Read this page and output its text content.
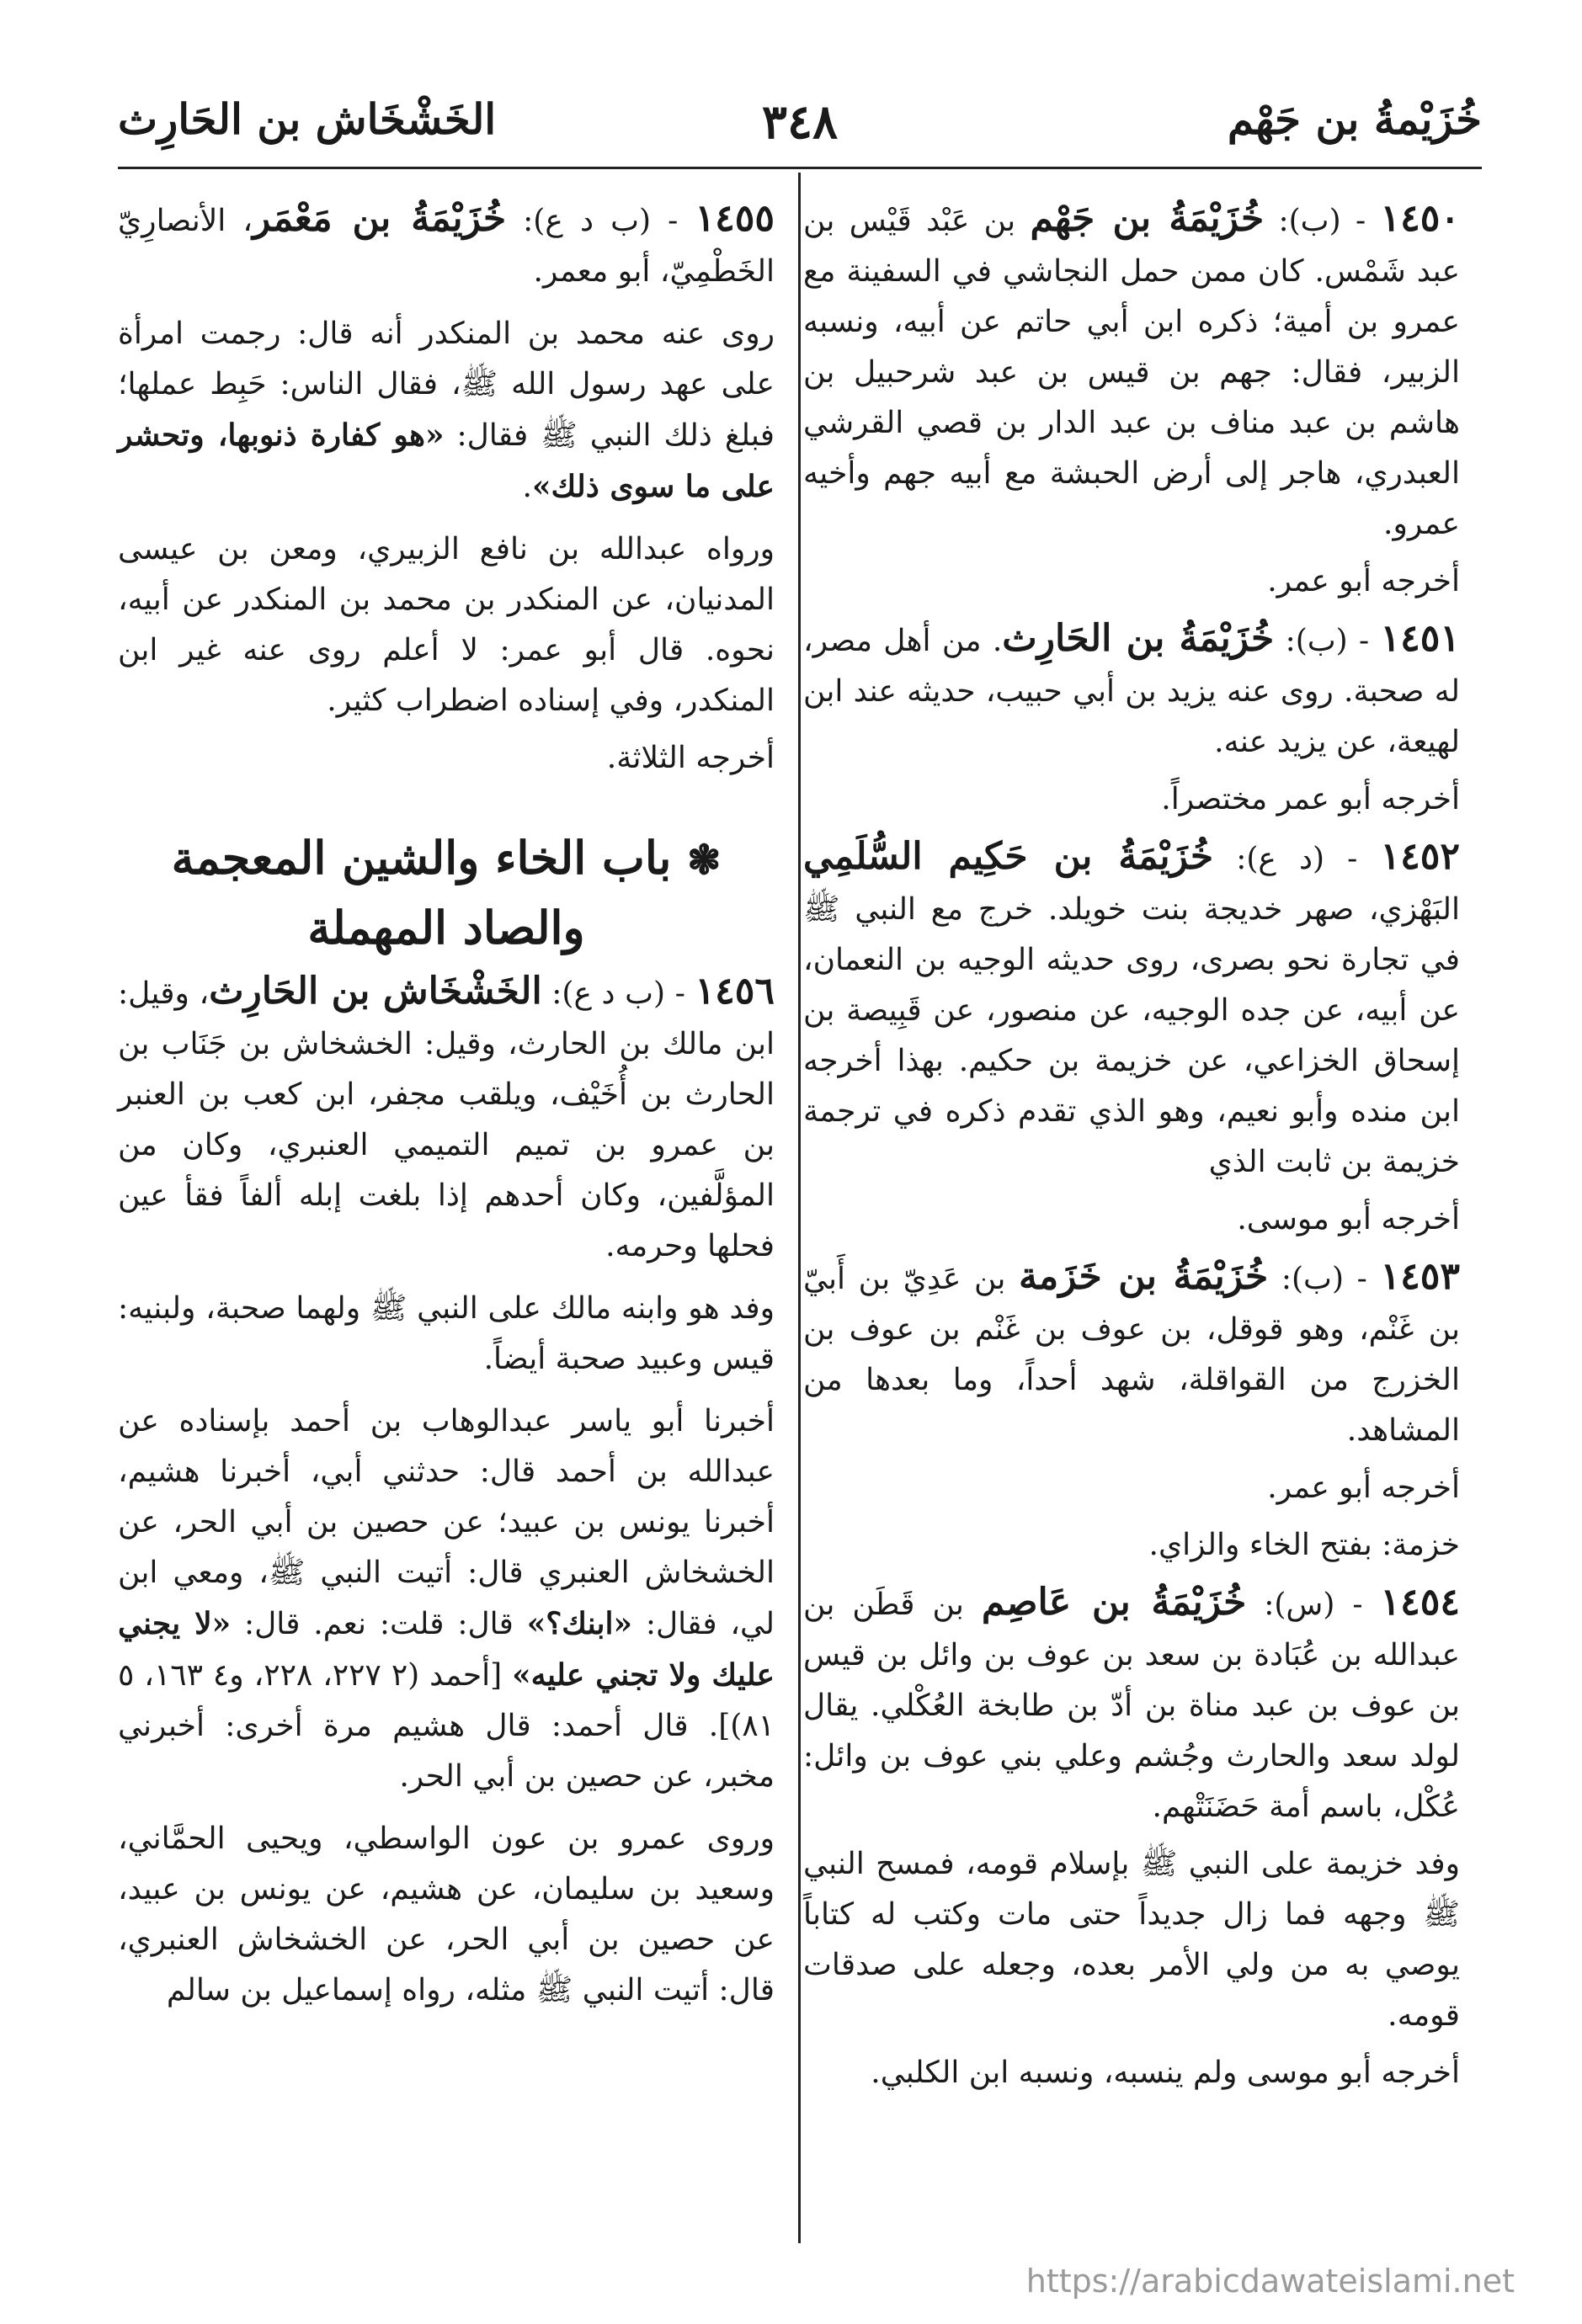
خُزَيْمةُ بن جَهْم
٣٤٨
الخَشْخَاش بن الحَارِث

١٤٥٠ - (ب): خُزَيْمَةُ بن جَهْم بن عَبْد قَيْس بن عبد شَمْس. كان ممن حمل النجاشي في السفينة مع عمرو بن أمية؛ ذكره ابن أبي حاتم عن أبيه، ونسبه الزبير، فقال: جهم بن قيس بن عبد شرحبيل بن هاشم بن عبد مناف بن عبد الدار بن قصي القرشي العبدري، هاجر إلى أرض الحبشة مع أبيه جهم وأخيه عمرو.

أخرجه أبو عمر.

١٤٥١ - (ب): خُزَيْمَةُ بن الحَارِث. من أهل مصر، له صحبة. روى عنه يزيد بن أبي حبيب، حديثه عند ابن لهيعة، عن يزيد عنه.

أخرجه أبو عمر مختصراً.

١٤٥٢ - (د ع): خُزَيْمَةُ بن حَكِيم السُّلَمِي البَهْزي، صهر خديجة بنت خويلد. خرج مع النبي ﷺ في تجارة نحو بصرى، روى حديثه الوجيه بن النعمان، عن أبيه، عن جده الوجيه، عن منصور، عن قَبِيصة بن إسحاق الخزاعي، عن خزيمة بن حكيم. بهذا أخرجه ابن منده وأبو نعيم، وهو الذي تقدم ذكره في ترجمة خزيمة بن ثابت الذي

أخرجه أبو موسى.

١٤٥٣ - (ب): خُزَيْمَةُ بن خَزَمة بن عَدِيّ بن أَبيّ بن غَنْم، وهو قوقل، بن عوف بن غَنْم بن عوف بن الخزرج من القواقلة، شهد أحداً، وما بعدها من المشاهد.

أخرجه أبو عمر.

خزمة: بفتح الخاء والزاي.

١٤٥٤ - (س): خُزَيْمَةُ بن عَاصِم بن قَطَن بن عبدالله بن عُبَادة بن سعد بن عوف بن وائل بن قيس بن عوف بن عبد مناة بن أدّ بن طابخة العُكْلي. يقال لولد سعد والحارث وجُشم وعلي بني عوف بن وائل: عُكْل، باسم أمة حَضَنَتْهم.

وفد خزيمة على النبي ﷺ بإسلام قومه، فمسح النبي ﷺ وجهه فما زال جديداً حتى مات وكتب له كتاباً يوصي به من ولي الأمر بعده، وجعله على صدقات قومه.

أخرجه أبو موسى ولم ينسبه، ونسبه ابن الكلبي.

١٤٥٥ - (ب د ع): خُزَيْمَةُ بن مَعْمَر، الأنصارِيّ الخَطْمِيّ، أبو معمر.

روى عنه محمد بن المنكدر أنه قال: رجمت امرأة على عهد رسول الله ﷺ، فقال الناس: حَبِط عملها؛ فبلغ ذلك النبي ﷺ فقال: «هو كفارة ذنوبها، وتحشر على ما سوى ذلك».

ورواه عبدالله بن نافع الزبيري، ومعن بن عيسى المدنيان، عن المنكدر بن محمد بن المنكدر عن أبيه، نحوه. قال أبو عمر: لا أعلم روى عنه غير ابن المنكدر، وفي إسناده اضطراب كثير.

أخرجه الثلاثة.

❃ باب الخاء والشين المعجمة
والصاد المهملة

١٤٥٦ - (ب د ع): الخَشْخَاش بن الحَارِث، وقيل: ابن مالك بن الحارث، وقيل: الخشخاش بن جَنَاب بن الحارث بن أُخَيْف، ويلقب مجفر، ابن كعب بن العنبر بن عمرو بن تميم التميمي العنبري، وكان من المؤلَّفين، وكان أحدهم إذا بلغت إبله ألفاً فقأ عين فحلها وحرمه.

وفد هو وابنه مالك على النبي ﷺ ولهما صحبة، ولبنيه: قيس وعبيد صحبة أيضاً.

أخبرنا أبو ياسر عبدالوهاب بن أحمد بإسناده عن عبدالله بن أحمد قال: حدثني أبي، أخبرنا هشيم، أخبرنا يونس بن عبيد؛ عن حصين بن أبي الحر، عن الخشخاش العنبري قال: أتيت النبي ﷺ، ومعي ابن لي، فقال: «ابنك؟» قال: قلت: نعم. قال: «لا يجني عليك ولا تجني عليه» [أحمد (٢ ٢٢٧، ٢٢٨، و٤ ١٦٣، ٥ ٨١)]. قال أحمد: قال هشيم مرة أخرى: أخبرني مخبر، عن حصين بن أبي الحر.

وروى عمرو بن عون الواسطي، ويحيى الحمَّاني، وسعيد بن سليمان، عن هشيم، عن يونس بن عبيد، عن حصين بن أبي الحر، عن الخشخاش العنبري، قال: أتيت النبي ﷺ مثله، رواه إسماعيل بن سالم

https://arabicdawateislami.net
